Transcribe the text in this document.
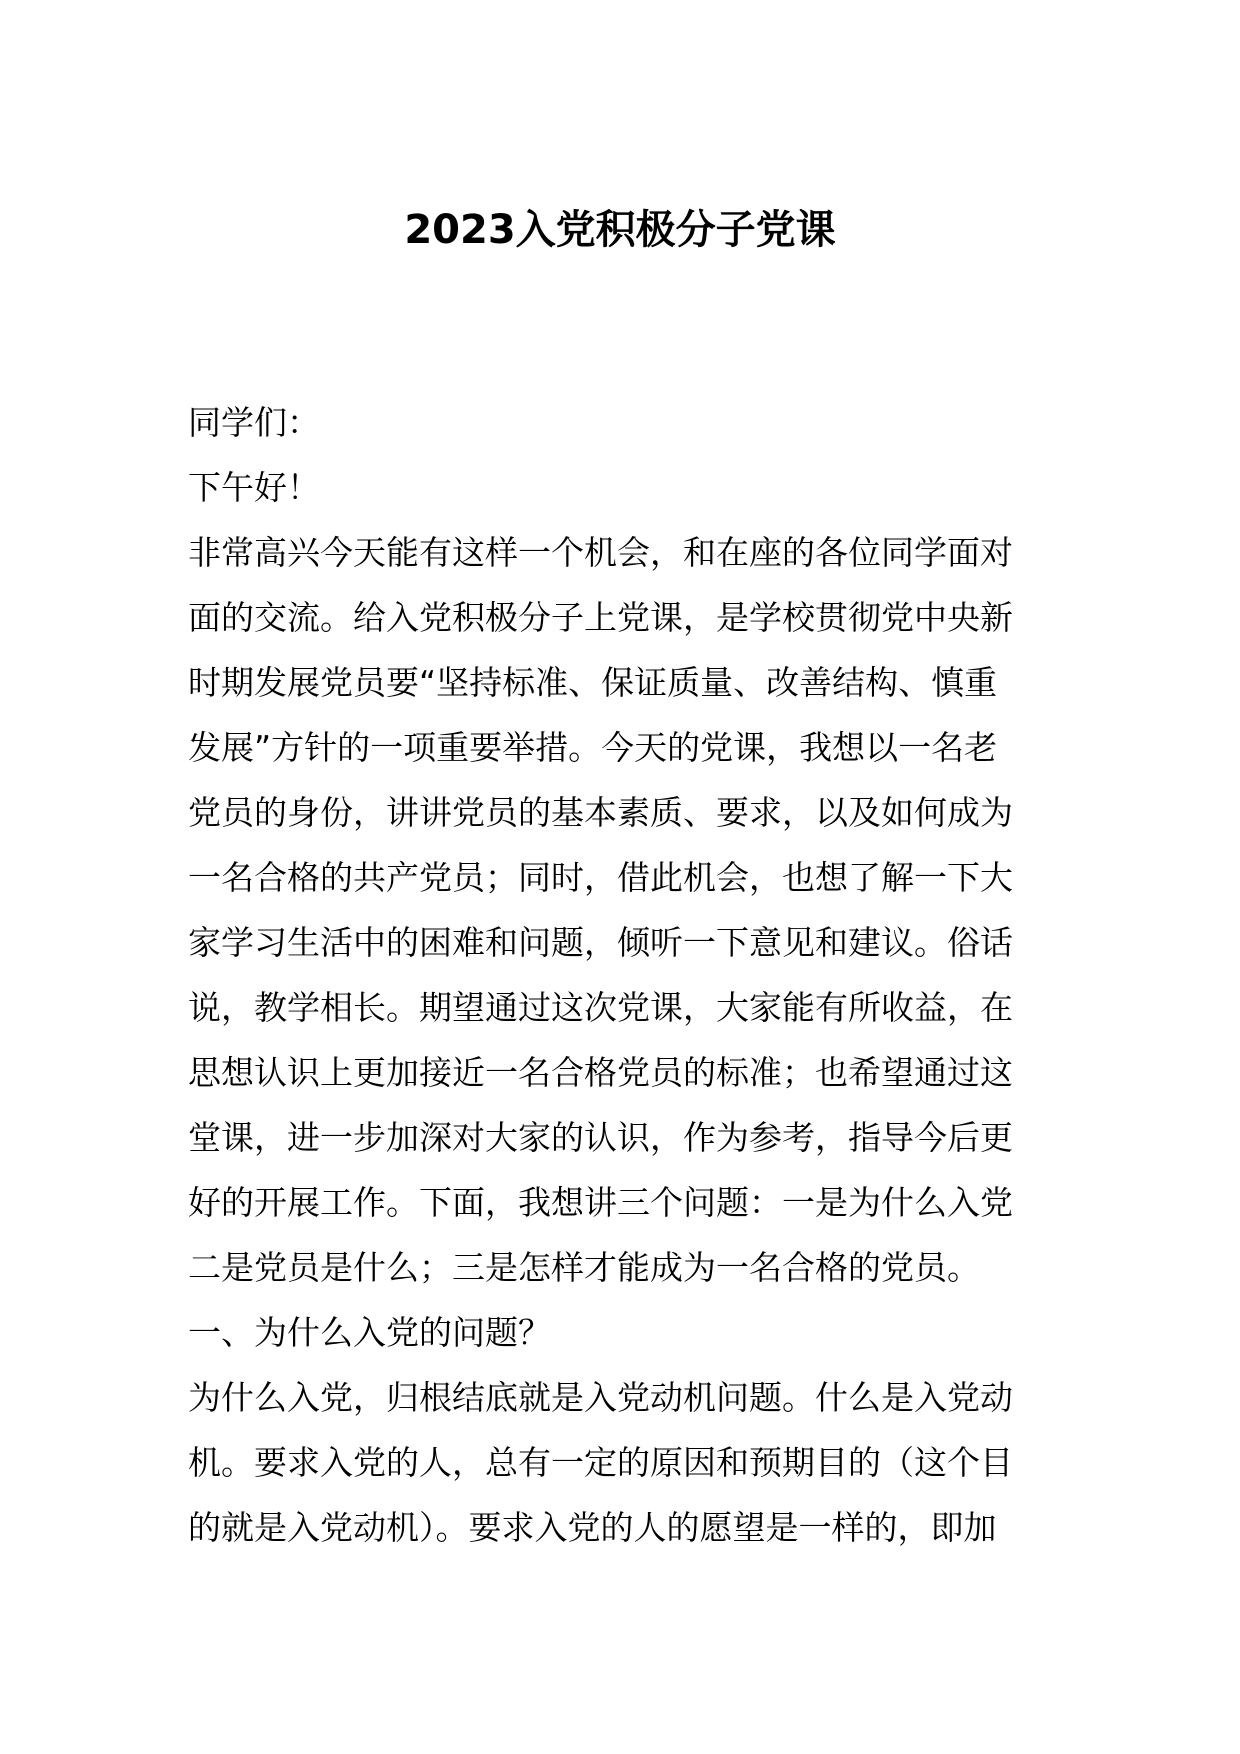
2023入党积极分子党课
同学们：
下午好！
非常高兴今天能有这样一个机会，和在座的各位同学面对
面的交流。给入党积极分子上党课，是学校贯彻党中央新
时期发展党员要“坚持标准、保证质量、改善结构、慎重
发展”方针的一项重要举措。今天的党课，我想以一名老
党员的身份，讲讲党员的基本素质、要求，以及如何成为
一名合格的共产党员；同时，借此机会，也想了解一下大
家学习生活中的困难和问题，倾听一下意见和建议。俗话
说，教学相长。期望通过这次党课，大家能有所收益，在
思想认识上更加接近一名合格党员的标准；也希望通过这
堂课，进一步加深对大家的认识，作为参考，指导今后更
好的开展工作。下面，我想讲三个问题：一是为什么入党
二是党员是什么；三是怎样才能成为一名合格的党员。
一、为什么入党的问题？
为什么入党，归根结底就是入党动机问题。什么是入党动
机。要求入党的人，总有一定的原因和预期目的（这个目
的就是入党动机）。要求入党的人的愿望是一样的，即加
